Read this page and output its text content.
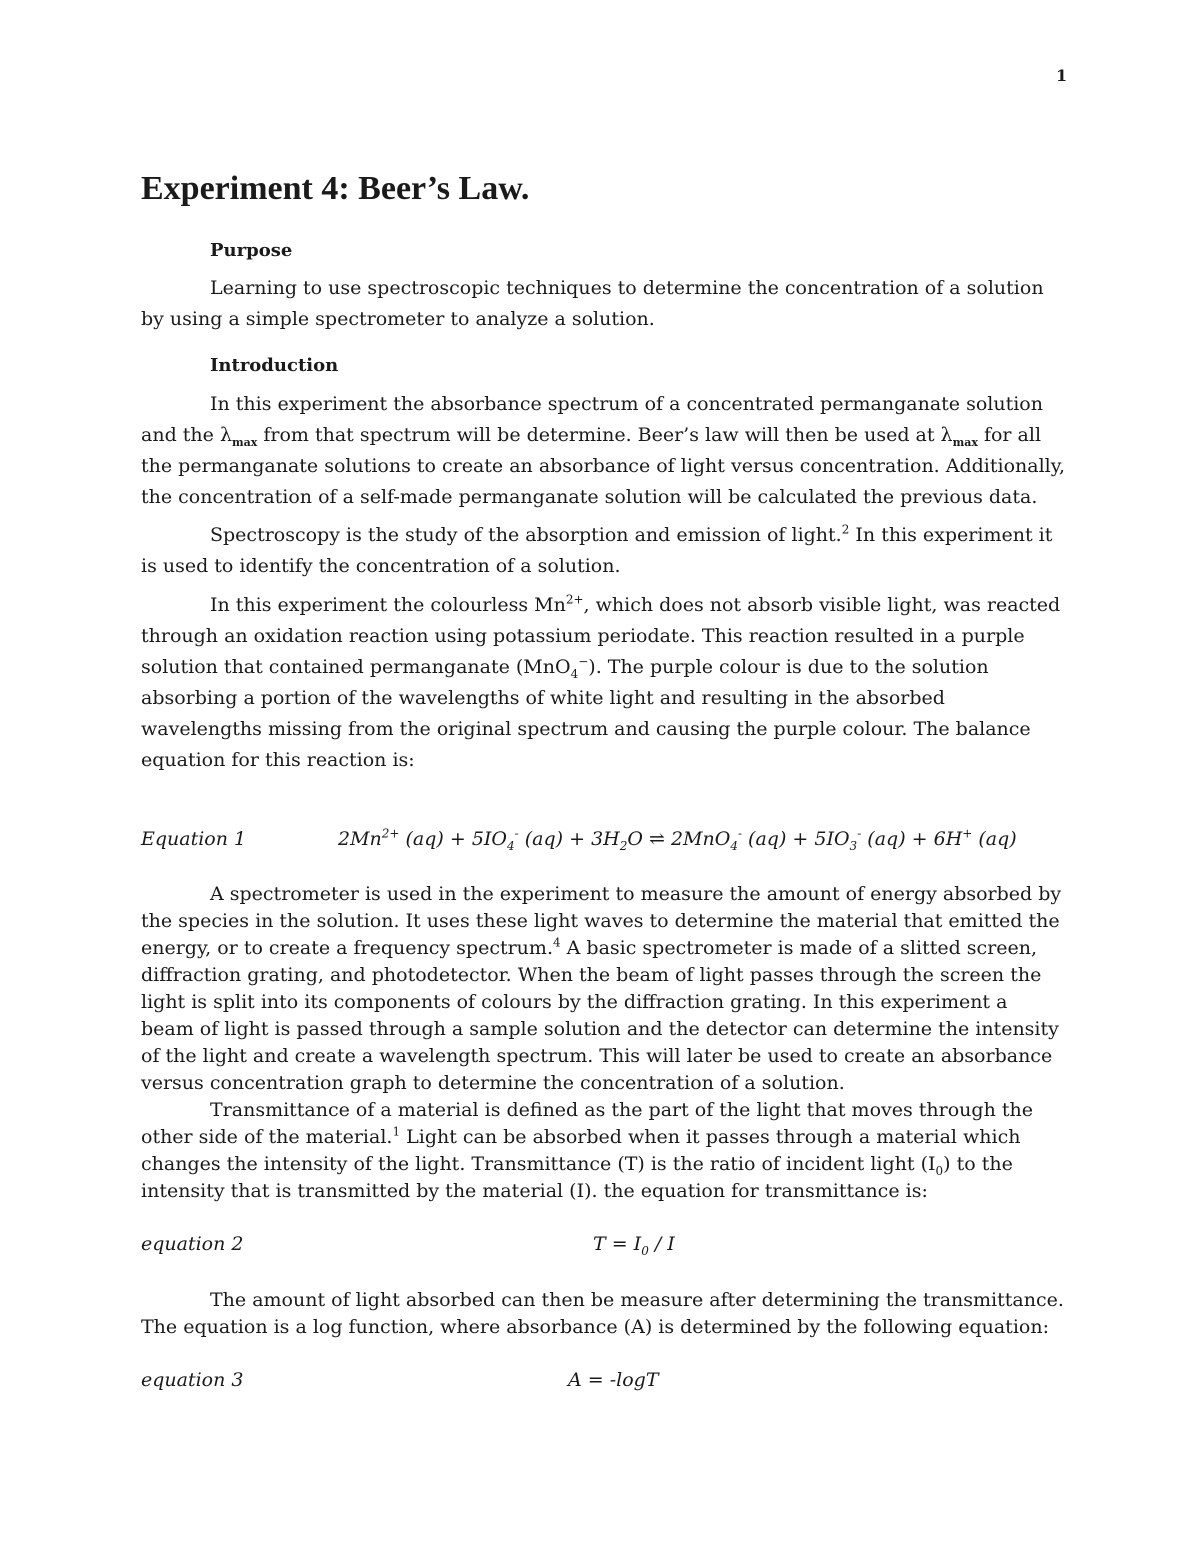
1
Experiment 4: Beer’s Law.
Purpose

Learning to use spectroscopic techniques to determine the concentration of a solution by using a simple spectrometer to analyze a solution.

Introduction

In this experiment the absorbance spectrum of a concentrated permanganate solution and the $\lambda_{max}$ from that spectrum will be determine. Beer’s law will then be used at $\lambda_{max}$ for all the permanganate solutions to create an absorbance of light versus concentration. Additionally, the concentration of a self-made permanganate solution will be calculated the previous data.

Spectroscopy is the study of the absorption and emission of light.$^2$ In this experiment it is used to identify the concentration of a solution.

In this experiment the colourless $Mn^{2+}$, which does not absorb visible light, was reacted through an oxidation reaction using potassium periodate. This reaction resulted in a purple solution that contained permanganate (MnO$_4$−). The purple colour is due to the solution absorbing a portion of the wavelengths of white light and resulting in the absorbed wavelengths missing from the original spectrum and causing the purple colour. The balance equation for this reaction is:

Equation 1	$2Mn^{2+}$ $(aq) + 5IO_4^-$ $(aq) + 3H_2O$ ⇌ 2MnO$_4$- $(aq) + 5IO_3^-$ (aq) + 6H+ (aq)

A spectrometer is used in the experiment to measure the amount of energy absorbed by the species in the solution. It uses these light waves to determine the material that emitted the energy, or to create a frequency spectrum.$^4$ A basic spectrometer is made of a slitted screen, diffraction grating, and photodetector. When the beam of light passes through the screen the light is split into its components of colours by the diffraction grating. In this experiment a beam of light is passed through a sample solution and the detector can determine the intensity of the light and create a wavelength spectrum. This will later be used to create an absorbance versus concentration graph to determine the concentration of a solution.

Transmittance of a material is defined as the part of the light that moves through the other side of the material.$^1$ Light can be absorbed when it passes through a material which changes the intensity of the light. Transmittance (T) is the ratio of incident light $(I_0)$ to the intensity that is transmitted by the material (I). the equation for transmittance is:

equation 2	$T = I_0 / I$

The amount of light absorbed can then be measure after determining the transmittance. The equation is a log function, where absorbance (A) is determined by the following equation:

equation 3	A = -logT
